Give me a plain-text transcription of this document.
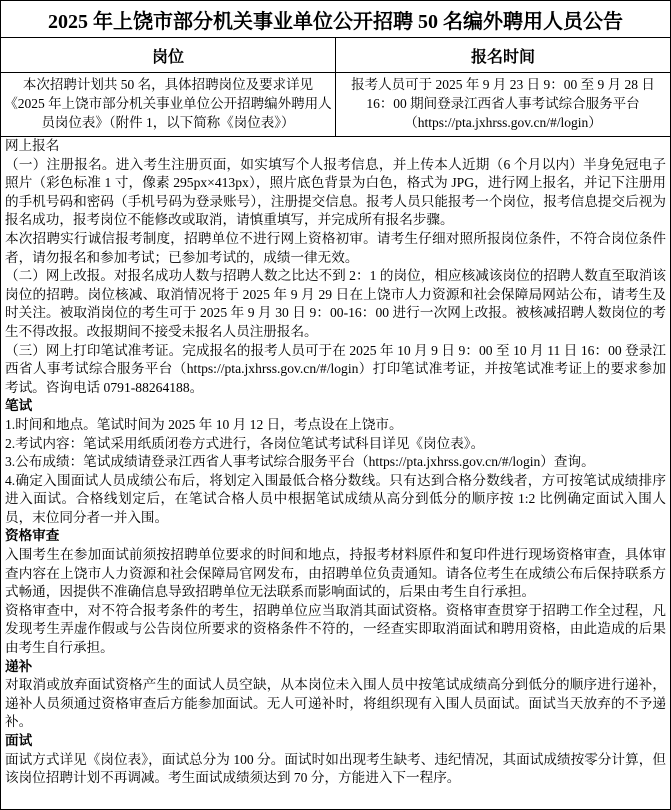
2025 年上饶市部分机关事业单位公开招聘 50 名编外聘用人员公告
岗位	报名时间
本次招聘计划共 50 名，具体招聘岗位及要求详见《2025 年上饶市部分机关事业单位公开招聘编外聘用人员岗位表》（附件 1，以下简称《岗位表》）
报考人员可于 2025 年 9 月 23 日 9：00 至 9 月 28 日 16：00 期间登录江西省人事考试综合服务平台（https://pta.jxhrss.gov.cn/#/login）

网上报名

（一）注册报名。进入考生注册页面，如实填写个人报考信息，并上传本人近期（6 个月以内）半身免冠电子照片（彩色标准 1 寸，像素 295px×413px），照片底色背景为白色，格式为 JPG，进行网上报名，并记下注册用的手机号码和密码（手机号码为登录账号），注册提交信息。报考人员只能报考一个岗位，报考信息提交后视为报名成功，报考岗位不能修改或取消，请慎重填写，并完成所有报名步骤。

本次招聘实行诚信报考制度，招聘单位不进行网上资格初审。请考生仔细对照所报岗位条件，不符合岗位条件者，请勿报名和参加考试；已参加考试的，成绩一律无效。

（二）网上改报。对报名成功人数与招聘人数之比达不到 2：1 的岗位，相应核减该岗位的招聘人数直至取消该岗位的招聘。岗位核减、取消情况将于 2025 年 9 月 29 日在上饶市人力资源和社会保障局网站公布，请考生及时关注。被取消岗位的考生可于 2025 年 9 月 30 日 9：00-16：00 进行一次网上改报。被核减招聘人数岗位的考生不得改报。改报期间不接受未报名人员注册报名。

（三）网上打印笔试准考证。完成报名的报考人员可于在 2025 年 10 月 9 日 9：00 至 10 月 11 日 16：00 登录江西省人事考试综合服务平台（https://pta.jxhrss.gov.cn/#/login）打印笔试准考证，并按笔试准考证上的要求参加考试。咨询电话 0791-88264188。

笔试

1.时间和地点。笔试时间为 2025 年 10 月 12 日，考点设在上饶市。

2.考试内容：笔试采用纸质闭卷方式进行，各岗位笔试考试科目详见《岗位表》。

3.公布成绩：笔试成绩请登录江西省人事考试综合服务平台（https://pta.jxhrss.gov.cn/#/login）查询。

4.确定入围面试人员成绩公布后，将划定入围最低合格分数线。只有达到合格分数线者，方可按笔试成绩排序进入面试。合格线划定后，在笔试合格人员中根据笔试成绩从高分到低分的顺序按 1:2 比例确定面试入围人员，末位同分者一并入围。

资格审查

入围考生在参加面试前须按招聘单位要求的时间和地点，持报考材料原件和复印件进行现场资格审查，具体审查内容在上饶市人力资源和社会保障局官网发布，由招聘单位负责通知。请各位考生在成绩公布后保持联系方式畅通，因提供不准确信息导致招聘单位无法联系而影响面试的，后果由考生自行承担。

资格审查中，对不符合报考条件的考生，招聘单位应当取消其面试资格。资格审查贯穿于招聘工作全过程，凡发现考生弄虚作假或与公告岗位所要求的资格条件不符的，一经查实即取消面试和聘用资格，由此造成的后果由考生自行承担。

递补

对取消或放弃面试资格产生的面试人员空缺，从本岗位未入围人员中按笔试成绩高分到低分的顺序进行递补，递补人员须通过资格审查后方能参加面试。无人可递补时，将组织现有入围人员面试。面试当天放弃的不予递补。

面试

面试方式详见《岗位表》，面试总分为 100 分。面试时如出现考生缺考、违纪情况，其面试成绩按零分计算，但该岗位招聘计划不再调减。考生面试成绩须达到 70 分，方能进入下一程序。
